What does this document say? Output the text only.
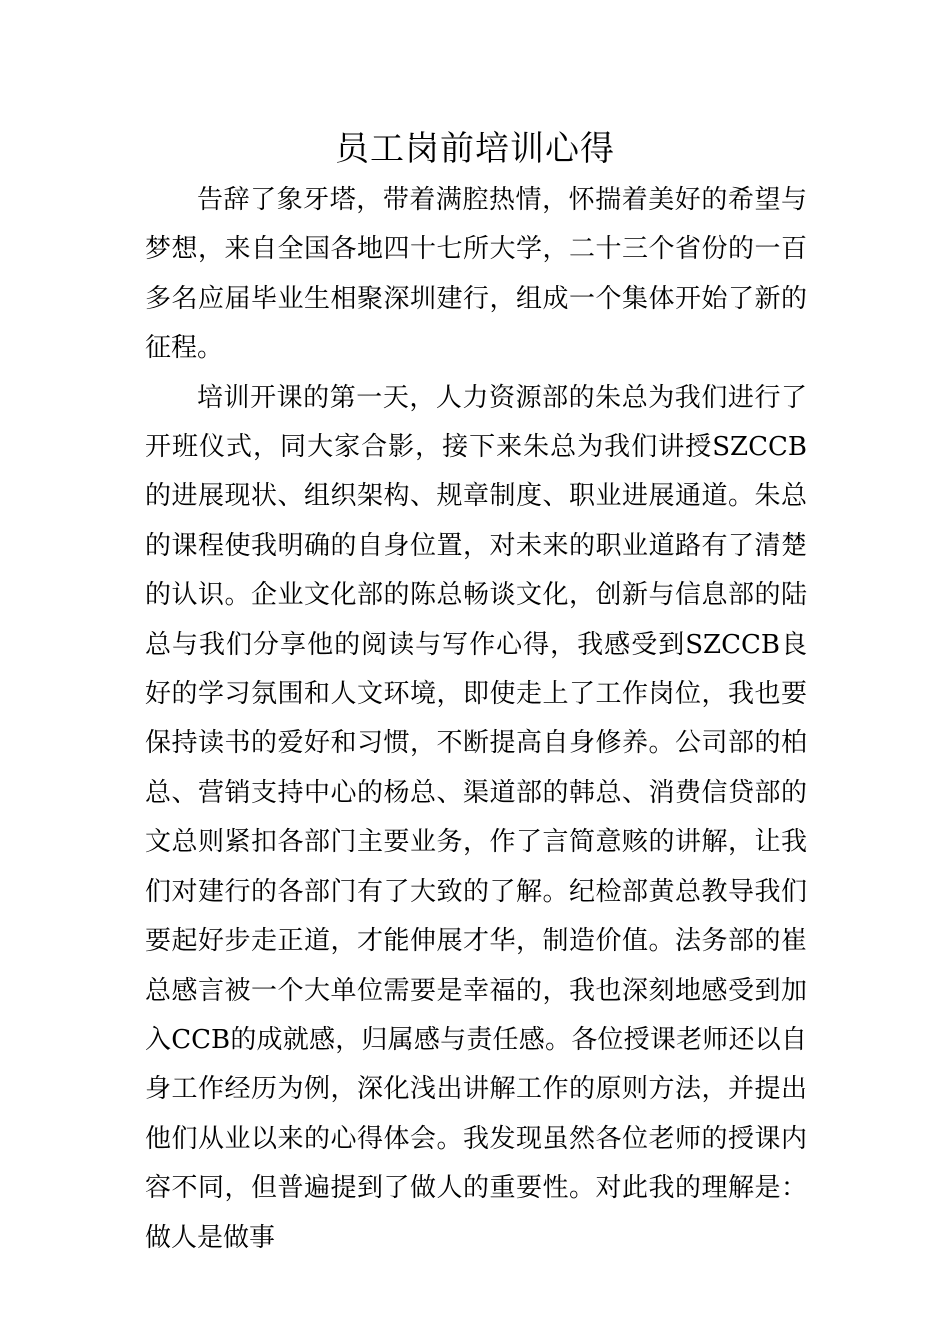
员工岗前培训心得

告辞了象牙塔，带着满腔热情，怀揣着美好的希望与梦想，来自全国各地四十七所大学，二十三个省份的一百多名应届毕业生相聚深圳建行，组成一个集体开始了新的征程。

培训开课的第一天，人力资源部的朱总为我们进行了开班仪式，同大家合影，接下来朱总为我们讲授SZCCB的进展现状、组织架构、规章制度、职业进展通道。朱总的课程使我明确的自身位置，对未来的职业道路有了清楚的认识。企业文化部的陈总畅谈文化，创新与信息部的陆总与我们分享他的阅读与写作心得，我感受到SZCCB良好的学习氛围和人文环境，即使走上了工作岗位，我也要保持读书的爱好和习惯，不断提高自身修养。公司部的柏总、营销支持中心的杨总、渠道部的韩总、消费信贷部的文总则紧扣各部门主要业务，作了言简意赅的讲解，让我们对建行的各部门有了大致的了解。纪检部黄总教导我们要起好步走正道，才能伸展才华，制造价值。法务部的崔总感言被一个大单位需要是幸福的，我也深刻地感受到加入CCB的成就感，归属感与责任感。各位授课老师还以自身工作经历为例，深化浅出讲解工作的原则方法，并提出他们从业以来的心得体会。我发现虽然各位老师的授课内容不同，但普遍提到了做人的重要性。对此我的理解是：做人是做事
